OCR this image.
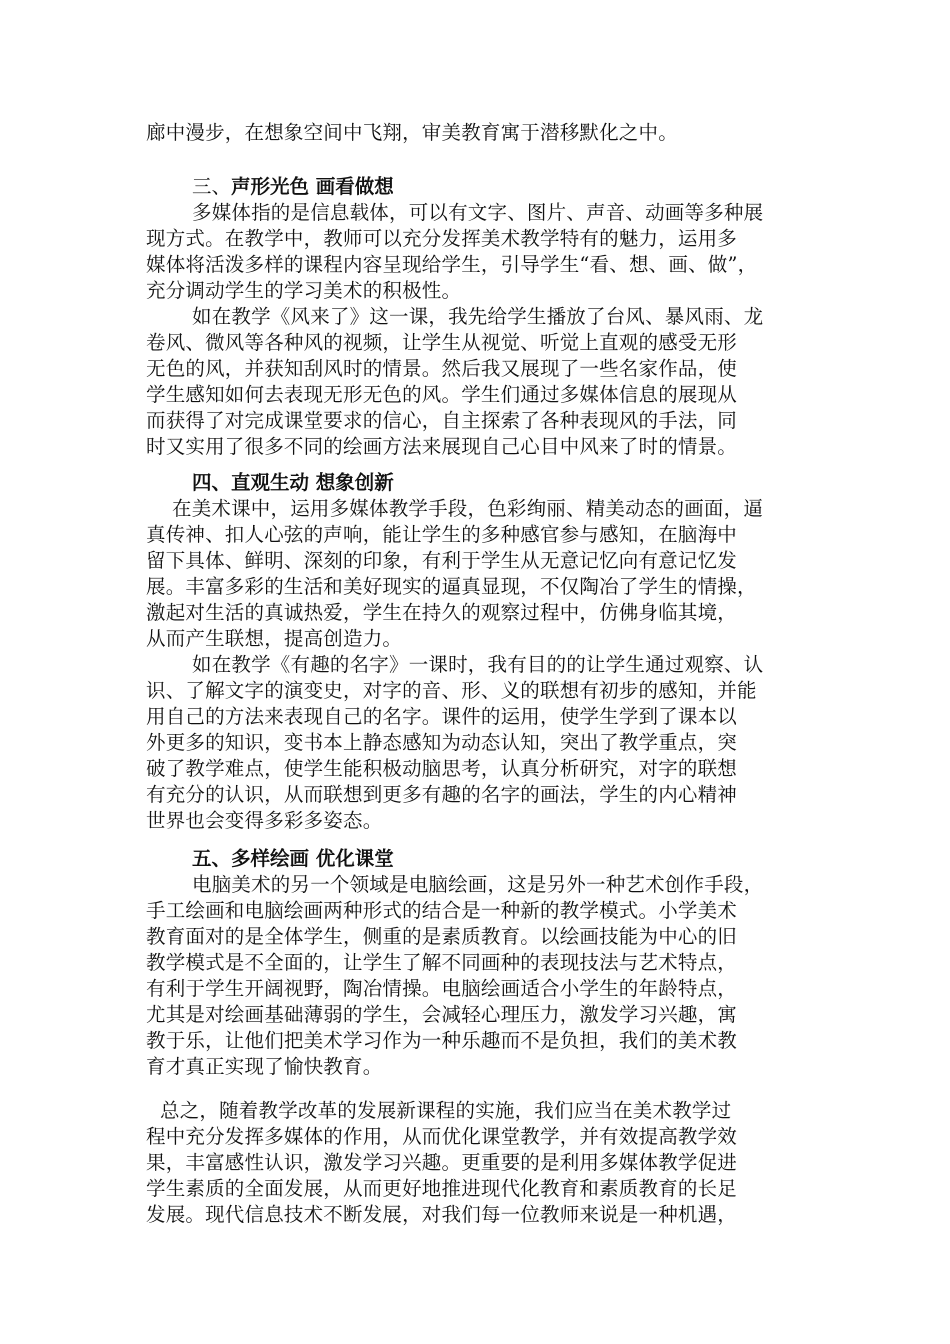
廊中漫步，在想象空间中飞翔，审美教育寓于潜移默化之中。
三、声形光色 画看做想
多媒体指的是信息载体，可以有文字、图片、声音、动画等多种展
现方式。在教学中，教师可以充分发挥美术教学特有的魅力，运用多
媒体将活泼多样的课程内容呈现给学生，引导学生“看、想、画、做”，
充分调动学生的学习美术的积极性。
如在教学《风来了》这一课，我先给学生播放了台风、暴风雨、龙
卷风、微风等各种风的视频，让学生从视觉、听觉上直观的感受无形
无色的风，并获知刮风时的情景。然后我又展现了一些名家作品，使
学生感知如何去表现无形无色的风。学生们通过多媒体信息的展现从
而获得了对完成课堂要求的信心，自主探索了各种表现风的手法，同
时又实用了很多不同的绘画方法来展现自己心目中风来了时的情景。
四、直观生动 想象创新
在美术课中，运用多媒体教学手段，色彩绚丽、精美动态的画面，逼
真传神、扣人心弦的声响，能让学生的多种感官参与感知，在脑海中
留下具体、鲜明、深刻的印象，有利于学生从无意记忆向有意记忆发
展。丰富多彩的生活和美好现实的逼真显现，不仅陶冶了学生的情操，
激起对生活的真诚热爱，学生在持久的观察过程中，仿佛身临其境，
从而产生联想，提高创造力。
如在教学《有趣的名字》一课时，我有目的的让学生通过观察、认
识、了解文字的演变史，对字的音、形、义的联想有初步的感知，并能
用自己的方法来表现自己的名字。课件的运用，使学生学到了课本以
外更多的知识，变书本上静态感知为动态认知，突出了教学重点，突
破了教学难点，使学生能积极动脑思考，认真分析研究，对字的联想
有充分的认识，从而联想到更多有趣的名字的画法，学生的内心精神
世界也会变得多彩多姿态。
五、多样绘画 优化课堂
电脑美术的另一个领域是电脑绘画，这是另外一种艺术创作手段，
手工绘画和电脑绘画两种形式的结合是一种新的教学模式。小学美术
教育面对的是全体学生，侧重的是素质教育。以绘画技能为中心的旧
教学模式是不全面的，让学生了解不同画种的表现技法与艺术特点，
有利于学生开阔视野，陶冶情操。电脑绘画适合小学生的年龄特点，
尤其是对绘画基础薄弱的学生，会减轻心理压力，激发学习兴趣，寓
教于乐，让他们把美术学习作为一种乐趣而不是负担，我们的美术教
育才真正实现了愉快教育。
总之，随着教学改革的发展新课程的实施，我们应当在美术教学过
程中充分发挥多媒体的作用，从而优化课堂教学，并有效提高教学效
果，丰富感性认识，激发学习兴趣。更重要的是利用多媒体教学促进
学生素质的全面发展，从而更好地推进现代化教育和素质教育的长足
发展。现代信息技术不断发展，对我们每一位教师来说是一种机遇，
